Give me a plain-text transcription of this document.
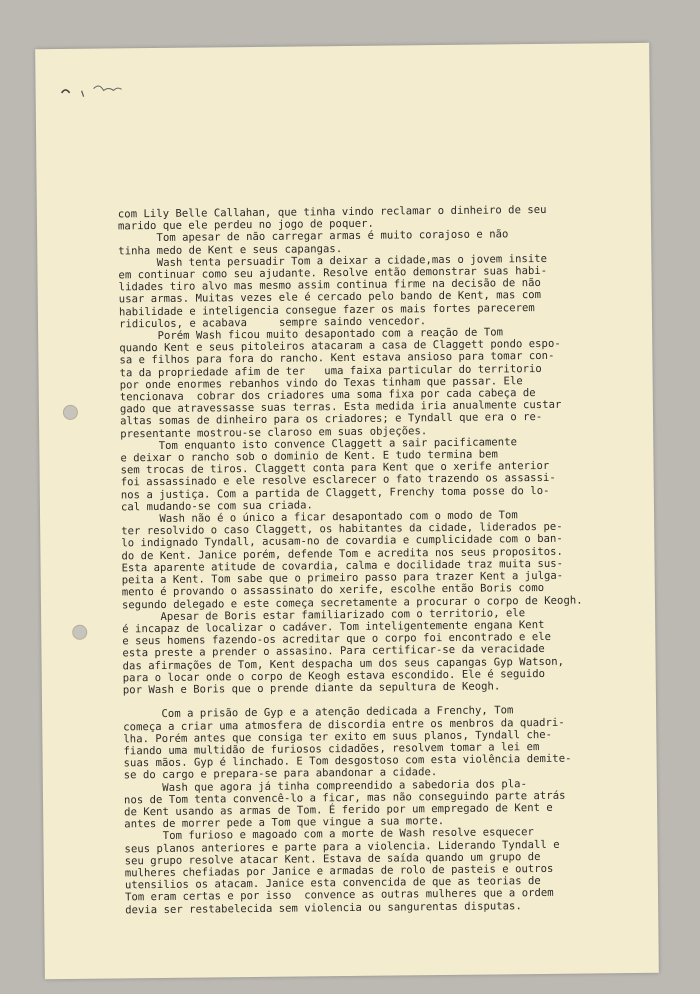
com Lily Belle Callahan, que tinha vindo reclamar o dinheiro de seu
marido que ele perdeu no jogo de poquer.
Tom apesar de não carregar armas é muito corajoso e não
tinha medo de Kent e seus capangas.
Wash tenta persuadir Tom a deixar a cidade,mas o jovem insite
em continuar como seu ajudante. Resolve então demonstrar suas habi-
lidades tiro alvo mas mesmo assim continua firme na decisão de não
usar armas. Muitas vezes ele é cercado pelo bando de Kent, mas com
habilidade e inteligencia consegue fazer os mais fortes parecerem
ridiculos, e acabava     sempre saindo vencedor.
Porém Wash ficou muito desapontado com a reação de Tom
quando Kent e seus pitoleiros atacaram a casa de Claggett pondo espo-
sa e filhos para fora do rancho. Kent estava ansioso para tomar con-
ta da propriedade afim de ter   uma faixa particular do territorio
por onde enormes rebanhos vindo do Texas tinham que passar. Ele
tencionava  cobrar dos criadores uma soma fixa por cada cabeça de
gado que atravessasse suas terras. Esta medida iria anualmente custar
altas somas de dinheiro para os criadores; e Tyndall que era o re-
presentante mostrou-se claroso em suas objeções.
Tom enquanto isto convence Claggett a sair pacificamente
e deixar o rancho sob o dominio de Kent. E tudo termina bem
sem trocas de tiros. Claggett conta para Kent que o xerife anterior
foi assassinado e ele resolve esclarecer o fato trazendo os assassi-
nos a justiça. Com a partida de Claggett, Frenchy toma posse do lo-
cal mudando-se com sua criada.
Wash não é o único a ficar desapontado com o modo de Tom
ter resolvido o caso Claggett, os habitantes da cidade, liderados pe-
lo indignado Tyndall, acusam-no de covardia e cumplicidade com o ban-
do de Kent. Janice porém, defende Tom e acredita nos seus propositos.
Esta aparente atitude de covardia, calma e docilidade traz muita sus-
peita a Kent. Tom sabe que o primeiro passo para trazer Kent a julga-
mento é provando o assassinato do xerife, escolhe então Boris como
segundo delegado e este começa secretamente a procurar o corpo de Keogh.
Apesar de Boris estar familiarizado com o territorio, ele
é incapaz de localizar o cadáver. Tom inteligentemente engana Kent
e seus homens fazendo-os acreditar que o corpo foi encontrado e ele
esta preste a prender o assasino. Para certificar-se da veracidade
das afirmações de Tom, Kent despacha um dos seus capangas Gyp Watson,
para o locar onde o corpo de Keogh estava escondido. Ele é seguido
por Wash e Boris que o prende diante da sepultura de Keogh.

Com a prisão de Gyp e a atenção dedicada a Frenchy, Tom
começa a criar uma atmosfera de discordia entre os menbros da quadri-
lha. Porém antes que consiga ter exito em suus planos, Tyndall che-
fiando uma multidão de furiosos cidadões, resolvem tomar a lei em
suas mãos. Gyp é linchado. E Tom desgostoso com esta violência demite-
se do cargo e prepara-se para abandonar a cidade.
Wash que agora já tinha compreendido a sabedoria dos pla-
nos de Tom tenta convencê-lo a ficar, mas não conseguindo parte atrás
de Kent usando as armas de Tom. É ferido por um empregado de Kent e
antes de morrer pede a Tom que vingue a sua morte.
Tom furioso e magoado com a morte de Wash resolve esquecer
seus planos anteriores e parte para a violencia. Liderando Tyndall e
seu grupo resolve atacar Kent. Estava de saída quando um grupo de
mulheres chefiadas por Janice e armadas de rolo de pasteis e outros
utensilios os atacam. Janice esta convencida de que as teorias de
Tom eram certas e por isso  convence as outras mulheres que a ordem
devia ser restabelecida sem violencia ou sangurentas disputas.
